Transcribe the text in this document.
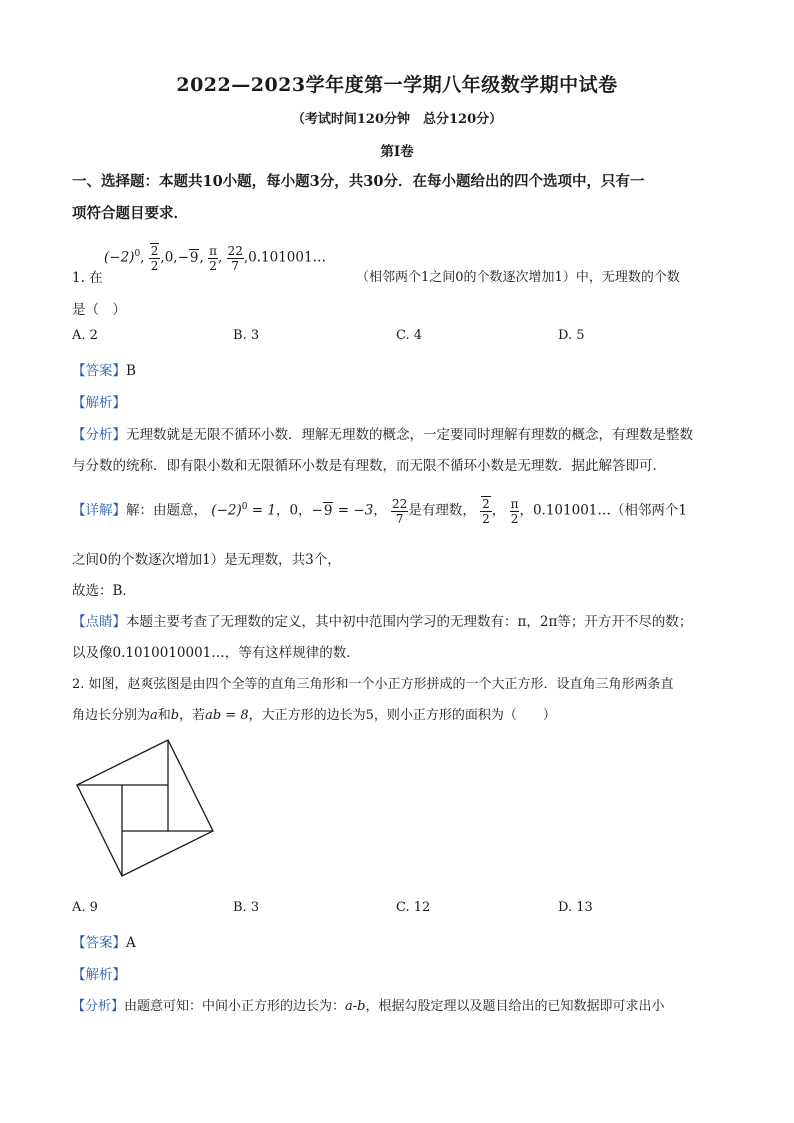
2022—2023学年度第一学期八年级数学期中试卷
（考试时间120分钟　总分120分）
第Ⅰ卷
一、选择题：本题共10小题，每小题3分，共30分．在每小题给出的四个选项中，只有一
项符合题目要求．
$(-2)^0$, $\frac{2}{2} ,0,-9$, $\frac{\pi}{2}$ , $\frac{22}{7}$ ,0.101001…
1. 在	（相邻两个1之间0的个数逐次增加1）中，无理数的个数
是（　）
A. 2	B. 3	C. 4	D. 5
【答案】B
【解析】
【分析】无理数就是无限不循环小数．理解无理数的概念，一定要同时理解有理数的概念，有理数是整数
与分数的统称．即有限小数和无限循环小数是有理数，而无限不循环小数是无理数．据此解答即可．
【详解】解：由题意， $(-2)^0 = 1$，0，−9 = −3， $\frac{22}{7}$ 是有理数， $\frac{2}{2}$ ， $\frac{\pi}{2}$ ，0.101001…（相邻两个1
之间0的个数逐次增加1）是无理数，共3个，
故选：B．
【点睛】本题主要考查了无理数的定义，其中初中范围内学习的无理数有：π，2π等；开方开不尽的数；
以及像0.1010010001…，等有这样规律的数．
2. 如图，赵爽弦图是由四个全等的直角三角形和一个小正方形拼成的一个大正方形．设直角三角形两条直
角边长分别为a和b，若ab = 8，大正方形的边长为5，则小正方形的面积为（　　）
A. 9	B. 3	C. 12	D. 13
【答案】A
【解析】
【分析】由题意可知：中间小正方形的边长为：a-b，根据勾股定理以及题目给出的已知数据即可求出小
